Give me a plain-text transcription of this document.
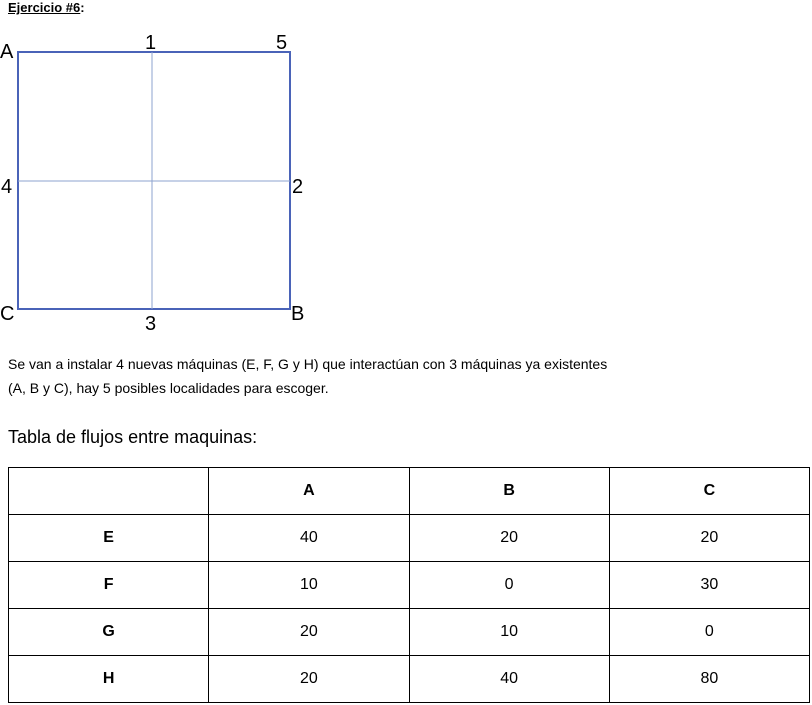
Ejercicio #6:
A	1	5
4	2
C	3	B
Se van a instalar 4 nuevas máquinas (E, F, G y H) que interactúan con 3 máquinas ya existentes
(A, B y C), hay 5 posibles localidades para escoger.
Tabla de flujos entre maquinas:
	A	B	C
E	40	20	20
F	10	0	30
G	20	10	0
H	20	40	80
